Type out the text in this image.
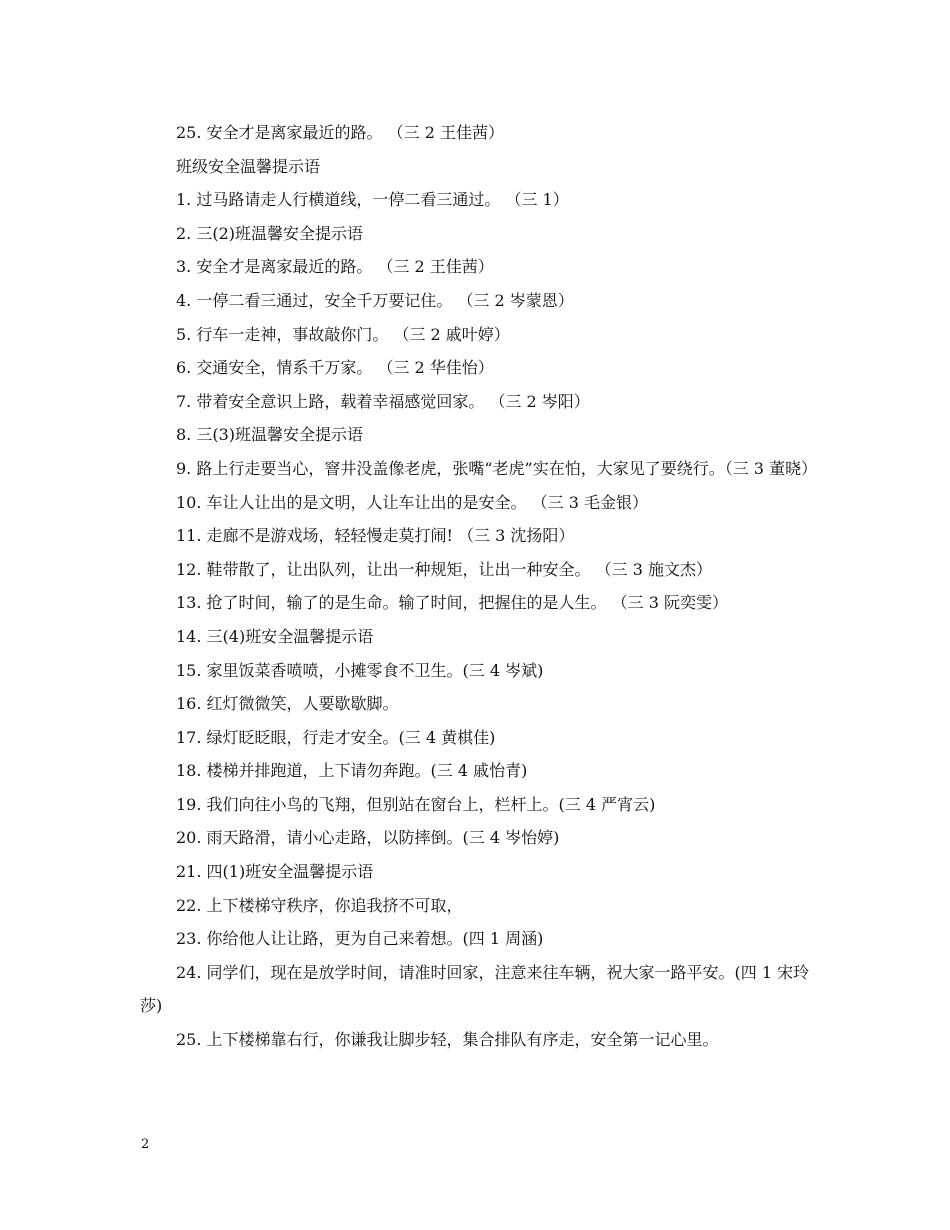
25. 安全才是离家最近的路。 （三 2 王佳茜）

班级安全温馨提示语

1. 过马路请走人行横道线，一停二看三通过。 （三 1）

2. 三(2)班温馨安全提示语

3. 安全才是离家最近的路。 （三 2 王佳茜）

4. 一停二看三通过，安全千万要记住。 （三 2 岑蒙恩）

5. 行车一走神，事故敲你门。 （三 2 戚叶婷）

6. 交通安全，情系千万家。 （三 2 华佳怡）

7. 带着安全意识上路，载着幸福感觉回家。 （三 2 岑阳）

8. 三(3)班温馨安全提示语

9. 路上行走要当心，窨井没盖像老虎，张嘴“老虎”实在怕，大家见了要绕行。（三 3 董晓）

10. 车让人让出的是文明，人让车让出的是安全。 （三 3 毛金银）

11. 走廊不是游戏场，轻轻慢走莫打闹! （三 3 沈扬阳）

12. 鞋带散了，让出队列，让出一种规矩，让出一种安全。 （三 3 施文杰）

13. 抢了时间，输了的是生命。输了时间，把握住的是人生。 （三 3 阮奕雯）

14. 三(4)班安全温馨提示语

15. 家里饭菜香喷喷，小摊零食不卫生。(三 4 岑斌)

16. 红灯微微笑，人要歇歇脚。

17. 绿灯眨眨眼，行走才安全。(三 4 黄棋佳)

18. 楼梯并排跑道，上下请勿奔跑。(三 4 戚怡青)

19. 我们向往小鸟的飞翔，但别站在窗台上，栏杆上。(三 4 严宵云)

20. 雨天路滑，请小心走路，以防摔倒。(三 4 岑怡婷)

21. 四(1)班安全温馨提示语

22. 上下楼梯守秩序，你追我挤不可取，

23. 你给他人让让路，更为自己来着想。(四 1 周涵)

24. 同学们，现在是放学时间，请准时回家，注意来往车辆，祝大家一路平安。(四 1 宋玲莎)

25. 上下楼梯靠右行，你谦我让脚步轻，集合排队有序走，安全第一记心里。

2
